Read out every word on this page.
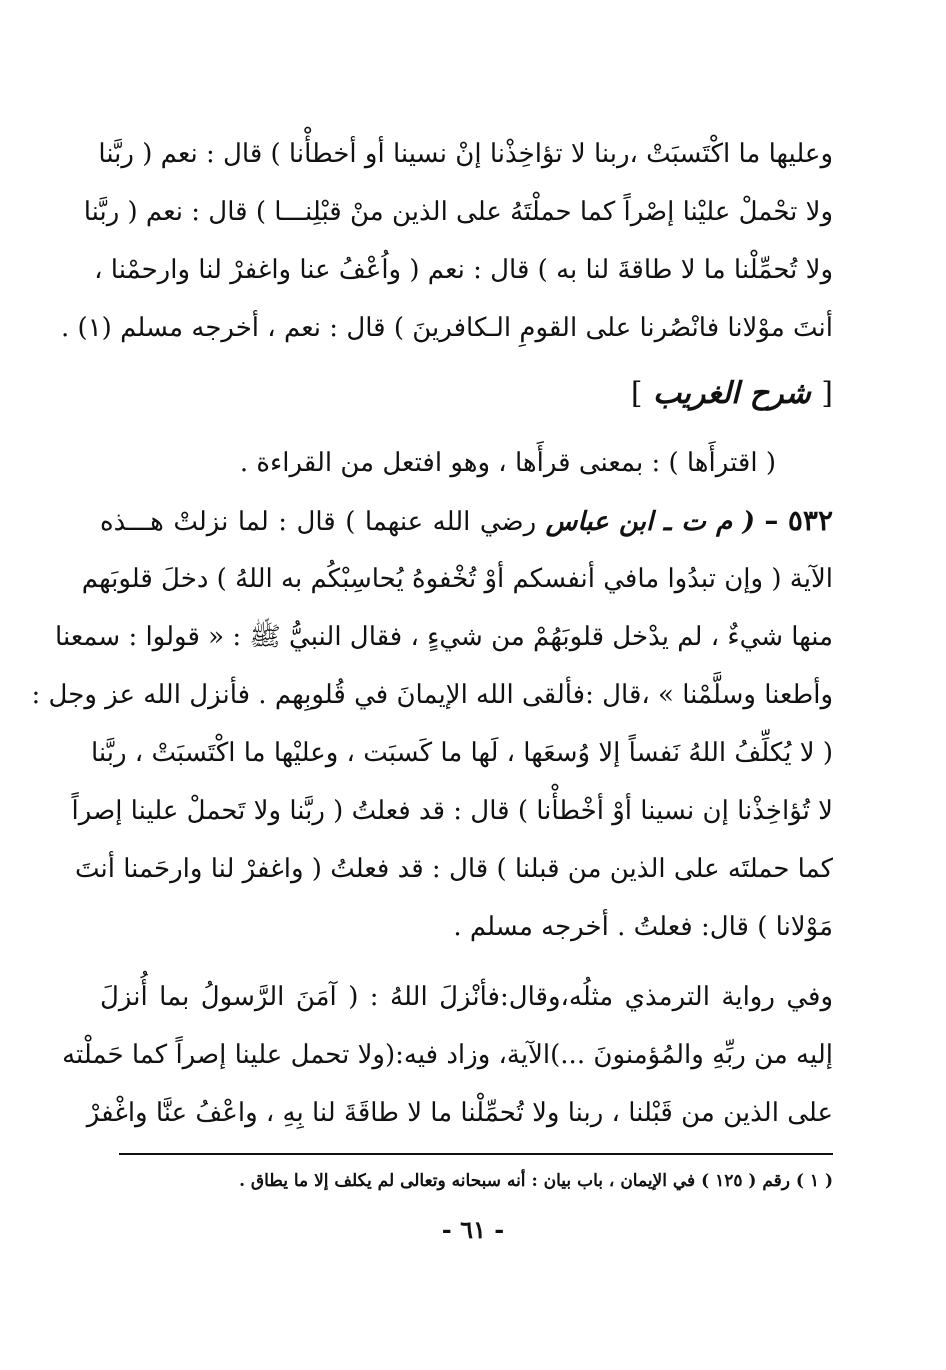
وعليها ما اكْتَسبَتْ ،ربنا لا تؤاخِذْنا إنْ نسينا أو أخطأْنا ) قال : نعم ( ربَّنا
ولا تحْملْ عليْنا إصْراً كما حملْتَهُ على الذين منْ قبْلِنـــا ) قال : نعم ( ربَّنا
ولا تُحمِّلْنا ما لا طاقةَ لنا به ) قال : نعم ( واُعْفُ عنا واغفرْ لنا وارحمْنا ،
أنتَ موْلانا فانْصُرنا على القومِ الـكافرينَ ) قال : نعم ، أخرجه مسلم (١) .
[ شرح الغريب ]
( اقترأَها ) : بمعنى قرأَها ، وهو افتعل من القراءة .
٥٣٢ – ( م ت ـ ابن عباس رضي الله عنهما ) قال : لما نزلتْ هـــذه
الآية ( وإن تبدُوا مافي أنفسكم أوْ تُخْفوهُ يُحاسِبْكُم به اللهُ ) دخلَ قلوبَهم
منها شيءٌ ، لم يدْخل قلوبَهُمْ من شيءٍ ، فقال النبيُّ ﷺ : « قولوا : سمعنا
وأطعنا وسلَّمْنا » ،قال :فألقى الله الإيمانَ في قُلوبِهم . فأنزل الله عز وجل :
( لا يُكلِّفُ اللهُ نَفساً إلا وُسعَها ، لَها ما كَسبَت ، وعليْها ما اكْتَسبَتْ ، ربَّنا
لا تُؤاخِذْنا إن نسينا أوْ أخْطأْنا ) قال : قد فعلتُ ( ربَّنا ولا تَحملْ علينا إصراً
كما حملتَه على الذين من قبلنا ) قال : قد فعلتُ ( واغفرْ لنا وارحَمنا أنتَ
مَوْلانا ) قال: فعلتُ . أخرجه مسلم .
وفي رواية الترمذي مثلُه،وقال:فأنْزلَ اللهُ : ( آمَنَ الرَّسولُ بما أُنزلَ
إليه من ربِّهِ والمُؤمنونَ ...)الآية، وزاد فيه:(ولا تحمل علينا إصراً كما حَملْته
على الذين من قَبْلنا ، ربنا ولا تُحمِّلْنا ما لا طاقَةَ لنا بِهِ ، واعْفُ عنَّا واغْفرْ
( ١ ) رقم ( ١٢٥ ) في الإيمان ، باب بيان : أنه سبحانه وتعالى لم يكلف إلا ما يطاق .
- ٦١ -
